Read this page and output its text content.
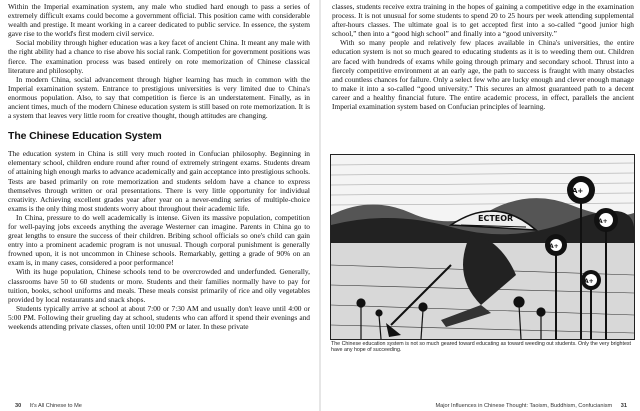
Within the Imperial examination system, any male who studied hard enough to pass a series of extremely difficult exams could become a government official. This position came with considerable wealth and prestige. It meant working in a career dedicated to public service. In essence, the system gave rise to the world's first modern civil service.

Social mobility through higher education was a key facet of ancient China. It meant any male with the right ability had a chance to rise above his social rank. Competition for government positions was fierce. The examination process was based entirely on rote memorization of Chinese classical literature and philosophy.

In modern China, social advancement through higher learning has much in common with the Imperial examination system. Entrance to prestigious universities is very limited due to China's enormous population. Also, to say that competition is fierce is an understatement. Finally, as in ancient times, much of the modern Chinese education system is still based on rote memorization. It is a system that leaves very little room for creative thought, though attitudes are changing.

The Chinese Education System

The education system in China is still very much rooted in Confucian philosophy. Beginning in elementary school, children endure round after round of extremely stringent exams. Students dream of attaining high enough marks to advance academically and gain acceptance into prestigious schools. Tests are based primarily on rote memorization and students seldom have a chance to express themselves through written or oral presentations. There is very little opportunity for individual creativity. Achieving excellent grades year after year on a never-ending series of multiple-choice exams is the only thing most students worry about throughout their academic life.

In China, pressure to do well academically is intense. Given its massive population, competition for well-paying jobs exceeds anything the average Westerner can imagine. Parents in China go to great lengths to ensure the success of their children. Bribing school officials so one's child can gain entry into a prominent academic program is not unusual. Though corporal punishment is generally frowned upon, it is not uncommon in Chinese schools. Remarkably, getting a grade of 90% on an exam is, in many cases, considered a poor performance!

With its huge population, Chinese schools tend to be overcrowded and underfunded. Generally, classrooms have 50 to 60 students or more. Students and their families normally have to pay for tuition, books, school uniforms and meals. These meals consist primarily of rice and oily vegetables provided by local restaurants and snack shops.

Students typically arrive at school at about 7:00 or 7:30 AM and usually don't leave until 4:00 or 5:00 PM. Following their grueling day at school, students who can afford it spend their evenings and weekends attending private classes, often until 10:00 PM or later. In these private

30 It's All Chinese to Me

classes, students receive extra training in the hopes of gaining a competitive edge in the examination process. It is not unusual for some students to spend 20 to 25 hours per week attending supplemental after-hours classes. The ultimate goal is to get accepted first into a so-called “good junior high school,” then into a “good high school” and finally into a “good university.”

With so many people and relatively few places available in China's universities, the entire education system is not so much geared to educating students as it is to weeding them out. Children are faced with hundreds of exams while going through primary and secondary school. Thrust into a fiercely competitive environment at an early age, the path to success is fraught with many obstacles and countless chances for failure. Only a select few who are lucky enough and clever enough manage to make it into a so-called “good university.” This secures an almost guaranteed path to a decent career and a healthy financial future. The entire academic process, in effect, parallels the ancient Imperial examination system based on Confucian principles of learning.

ECTEOR
A+
A+
A+
A+
The Chinese education system is not so much geared toward educating as toward weeding out students. Only the very brightest have any hope of succeeding.
Major Influences in Chinese Thought: Taoism, Buddhism, Confucianism 31
